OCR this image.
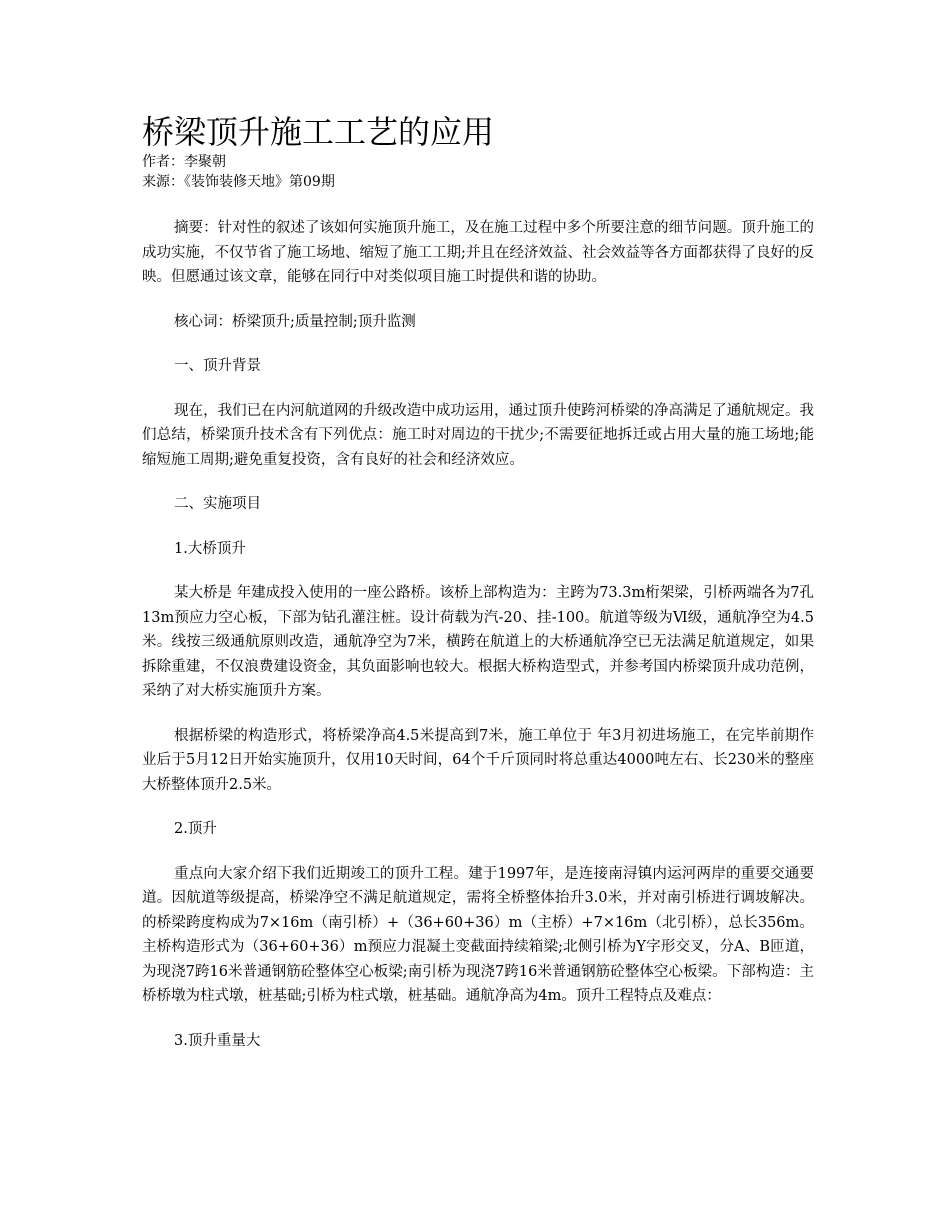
桥梁顶升施工工艺的应用

作者：李聚朝

来源：《装饰装修天地》第09期

摘要：针对性的叙述了该如何实施顶升施工，及在施工过程中多个所要注意的细节问题。顶升施工的成功实施，不仅节省了施工场地、缩短了施工工期;并且在经济效益、社会效益等各方面都获得了良好的反映。但愿通过该文章，能够在同行中对类似项目施工时提供和谐的协助。

核心词：桥梁顶升;质量控制;顶升监测

一、顶升背景

现在，我们已在内河航道网的升级改造中成功运用，通过顶升使跨河桥梁的净高满足了通航规定。我们总结，桥梁顶升技术含有下列优点：施工时对周边的干扰少;不需要征地拆迁或占用大量的施工场地;能缩短施工周期;避免重复投资，含有良好的社会和经济效应。

二、实施项目

1.大桥顶升

某大桥是 年建成投入使用的一座公路桥。该桥上部构造为：主跨为73.3m桁架梁，引桥两端各为7孔13m预应力空心板，下部为钻孔灌注桩。设计荷载为汽-20、挂-100。航道等级为Ⅵ级，通航净空为4.5米。线按三级通航原则改造，通航净空为7米，横跨在航道上的大桥通航净空已无法满足航道规定，如果拆除重建，不仅浪费建设资金，其负面影响也较大。根据大桥构造型式，并参考国内桥梁顶升成功范例，采纳了对大桥实施顶升方案。

根据桥梁的构造形式，将桥梁净高4.5米提高到7米，施工单位于 年3月初进场施工，在完毕前期作业后于5月12日开始实施顶升，仅用10天时间，64个千斤顶同时将总重达4000吨左右、长230米的整座大桥整体顶升2.5米。

2.顶升

重点向大家介绍下我们近期竣工的顶升工程。建于1997年，是连接南浔镇内运河两岸的重要交通要道。因航道等级提高，桥梁净空不满足航道规定，需将全桥整体抬升3.0米，并对南引桥进行调坡解决。的桥梁跨度构成为7×16m（南引桥）+（36+60+36）m（主桥）+7×16m（北引桥），总长356m。主桥构造形式为（36+60+36）m预应力混凝土变截面持续箱梁;北侧引桥为Y字形交叉，分A、B匝道，为现浇7跨16米普通钢筋砼整体空心板梁;南引桥为现浇7跨16米普通钢筋砼整体空心板梁。下部构造：主桥桥墩为柱式墩，桩基础;引桥为柱式墩，桩基础。通航净高为4m。顶升工程特点及难点：

3.顶升重量大
